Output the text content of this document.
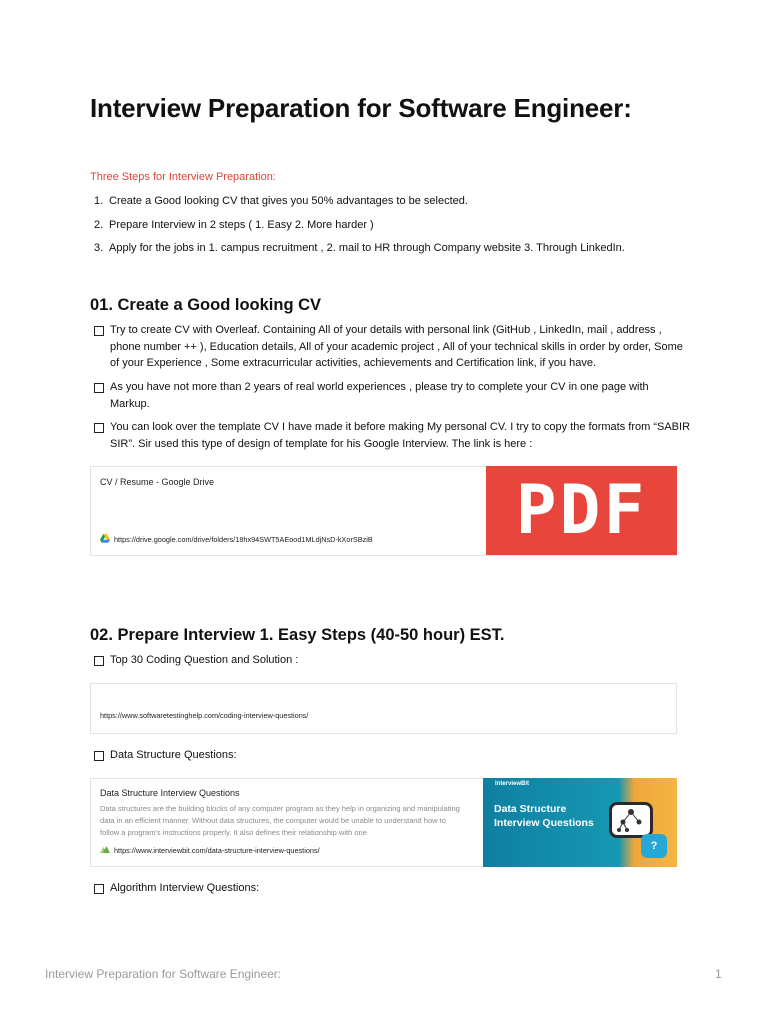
Interview Preparation for Software Engineer:
Three Steps for Interview Preparation:
1. Create a Good looking CV that gives you 50% advantages to be selected.
2. Prepare Interview in 2 steps ( 1. Easy 2. More harder )
3. Apply for the jobs in 1. campus recruitment , 2. mail to HR through Company website 3. Through LinkedIn.
01. Create a Good looking CV
Try to create CV with Overleaf. Containing All of your details with personal link (GitHub , LinkedIn, mail , address , phone number ++ ), Education details, All of your academic project , All of your technical skills in order by order, Some of your Experience , Some extracurricular activities, achievements and Certification link, if you have.
As you have not more than 2 years of real world experiences , please try to complete your CV in one page with Markup.
You can look over the template CV I have made it before making My personal CV. I try to copy the formats from “SABIR SIR”. Sir used this type of design of template for his Google Interview. The link is here :
CV / Resume - Google Drive
https://drive.google.com/drive/folders/18hx94SWT5AEood1MLdjNsD-kXorSBziB PDF
02. Prepare Interview 1. Easy Steps (40-50 hour) EST.
Top 30 Coding Question and Solution :
https://www.softwaretestinghelp.com/coding-interview-questions/
Data Structure Questions:
Data Structure Interview Questions
Data structures are the building blocks of any computer program as they help in organizing and manipulating data in an efficient manner. Without data structures, the computer would be unable to understand how to follow a program's instructions properly. It also defines their relationship with one
https://www.interviewbit.com/data-structure-interview-questions/
InterviewBit
Data Structure
Interview Questions
?
Algorithm Interview Questions:
Interview Preparation for Software Engineer:	1
